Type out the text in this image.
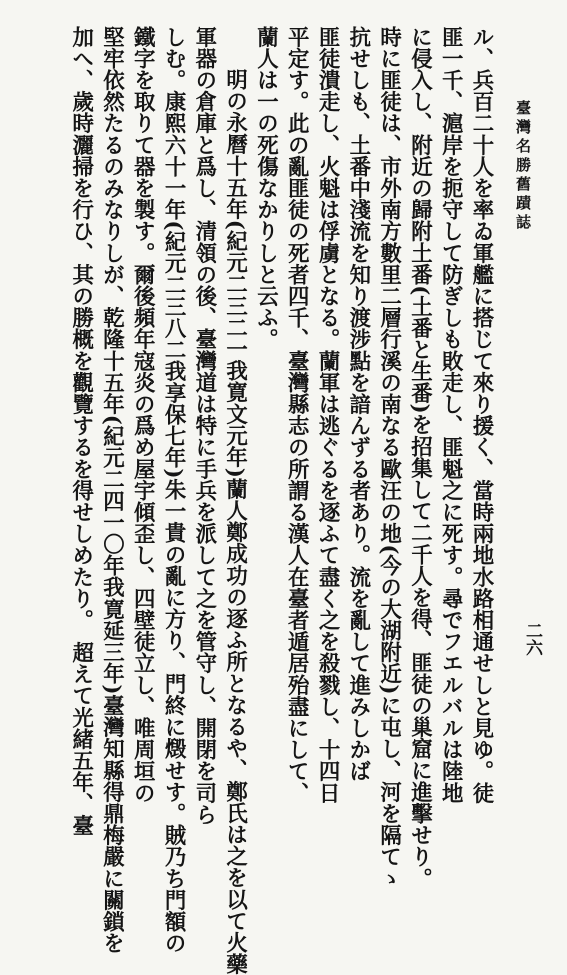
二六
臺灣名勝舊蹟誌
ル、兵百二十人を率ゐ軍艦に搭じて來り援く、當時兩地水路相通せしと見ゆ。徒
匪一千、滬岸を扼守して防ぎしも敗走し、匪魁之に死す。尋でフエルバルは陸地
に侵入し、附近の歸附土番(土番と生番)を招集して二千人を得、匪徒の巢窟に進擊せり。
時に匪徒は、市外南方數里二層行溪の南なる歐汪の地(今の大湖附近)に屯し、河を隔てゝ
抗せしも、土番中淺流を知り渡涉點を諳んずる者あり。流を亂して進みしかば
匪徒潰走し、火魁は俘虜となる。蘭軍は逃ぐるを逐ふて盡く之を殺戮し、十四日
平定す。此の亂匪徒の死者四千、臺灣縣志の所謂る漢人在臺者遁居殆盡にして、
蘭人は一の死傷なかりしと云ふ。
　明の永曆十五年(紀元二三二一我寛文元年)蘭人鄭成功の逐ふ所となるや、鄭氏は之を以て火藥
軍器の倉庫と爲し、清領の後、臺灣道は特に手兵を派して之を管守し、開閉を司ら
しむ。康熙六十一年(紀元二三八二我享保七年)朱一貴の亂に方り、門終に燬せす。賊乃ち門額の
鐵字を取りて器を製す。爾後頻年寇炎の爲め屋宇傾歪し、四壁徒立し、唯周垣の
堅牢依然たるのみなりしが、乾隆十五年(紀元二四一〇年我寛延三年)臺灣知縣得鼎梅嚴に關鎖を
加へ、歲時灑掃を行ひ、其の勝概を觀覽するを得せしめたり。　超えて光緒五年、臺
